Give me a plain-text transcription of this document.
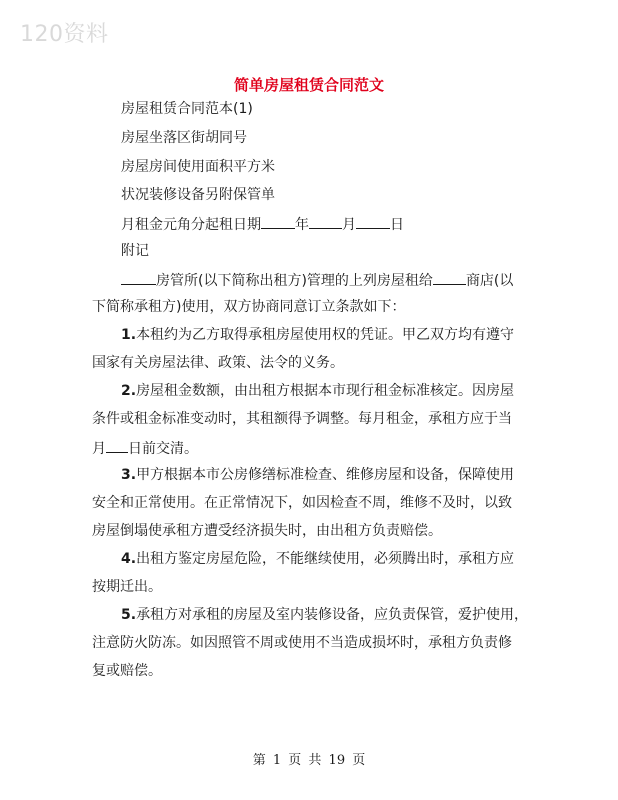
120资料
简单房屋租赁合同范文
房屋租赁合同范本(1)
房屋坐落区街胡同号
房屋房间使用面积平方米
状况装修设备另附保管单
月租金元角分起租日期 年 月 日
附记
房管所(以下简称出租方)管理的上列房屋租给 商店(以
下简称承租方)使用，双方协商同意订立条款如下：
1.本租约为乙方取得承租房屋使用权的凭证。甲乙双方均有遵守
国家有关房屋法律、政策、法令的义务。
2.房屋租金数额，由出租方根据本市现行租金标准核定。因房屋
条件或租金标准变动时，其租额得予调整。每月租金，承租方应于当
月 日前交清。
3.甲方根据本市公房修缮标准检查、维修房屋和设备，保障使用
安全和正常使用。在正常情况下，如因检查不周，维修不及时，以致
房屋倒塌使承租方遭受经济损失时，由出租方负责赔偿。
4.出租方鉴定房屋危险，不能继续使用，必须腾出时，承租方应
按期迁出。
5.承租方对承租的房屋及室内装修设备，应负责保管，爱护使用，
注意防火防冻。如因照管不周或使用不当造成损坏时，承租方负责修
复或赔偿。
第 1 页 共 19 页
